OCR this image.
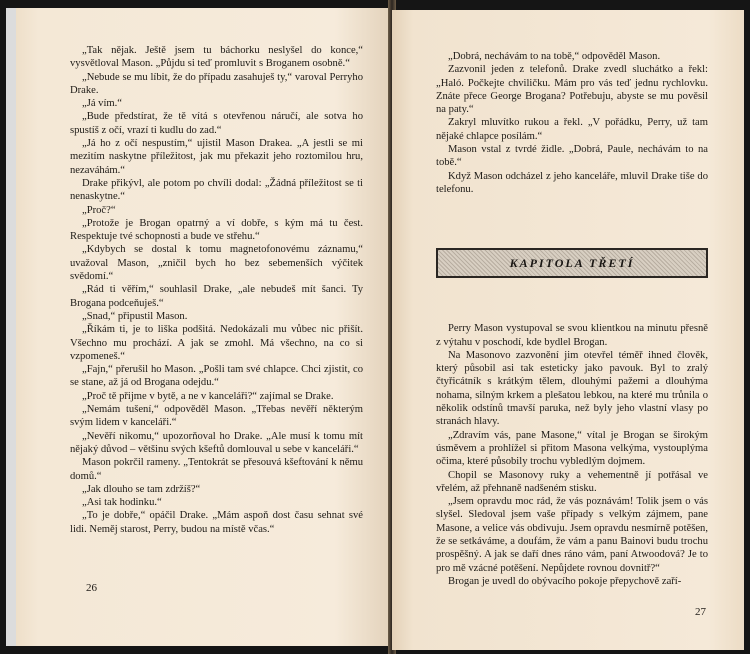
„Tak nějak. Ještě jsem tu báchorku neslyšel do konce,“ vysvětloval Mason. „Půjdu si teď promluvit s Broganem osobně.“

„Nebude se mu líbit, že do případu zasahuješ ty,“ varoval Perryho Drake.

„Já vím.“

„Bude předstírat, že tě vítá s otevřenou náručí, ale sotva ho spustíš z očí, vrazí ti kudlu do zad.“

„Já ho z očí nespustím,“ ujistil Mason Drakea. „A jestli se mi mezitím naskytne příležitost, jak mu překazit jeho roztomilou hru, nezaváhám.“

Drake přikývl, ale potom po chvíli dodal: „Žádná příležitost se ti nenaskytne.“

„Proč?“

„Protože je Brogan opatrný a ví dobře, s kým má tu čest. Respektuje tvé schopnosti a bude ve střehu.“

„Kdybych se dostal k tomu magnetofonovému záznamu,“ uvažoval Mason, „zničil bych ho bez sebemenších výčitek svědomí.“

„Rád ti věřím,“ souhlasil Drake, „ale nebudeš mít šanci. Ty Brogana podceňuješ.“

„Snad,“ připustil Mason.

„Říkám ti, je to liška podšitá. Nedokázali mu vůbec nic přišít. Všechno mu prochází. A jak se zmohl. Má všechno, na co si vzpomeneš.“

„Fajn,“ přerušil ho Mason. „Pošli tam své chlapce. Chci zjistit, co se stane, až já od Brogana odejdu.“

„Proč tě přijme v bytě, a ne v kanceláři?“ zajímal se Drake.

„Nemám tušení,“ odpověděl Mason. „Třebas nevěří některým svým lidem v kanceláři.“

„Nevěří nikomu,“ upozorňoval ho Drake. „Ale musí k tomu mít nějaký důvod – většinu svých kšeftů domlouval u sebe v kanceláři.“

Mason pokrčil rameny. „Tentokrát se přesouvá kšeftování k němu domů.“

„Jak dlouho se tam zdržíš?“

„Asi tak hodinku.“

„To je dobře,“ opáčil Drake. „Mám aspoň dost času sehnat své lidi. Neměj starost, Perry, budou na místě včas.“

26

„Dobrá, nechávám to na tobě,“ odpověděl Mason.

Zazvonil jeden z telefonů. Drake zvedl sluchátko a řekl: „Haló. Počkejte chviličku. Mám pro vás teď jednu rychlovku. Znáte přece George Brogana? Potřebuju, abyste se mu pověsil na paty.“

Zakryl mluvítko rukou a řekl. „V pořádku, Perry, už tam nějaké chlapce posílám.“

Mason vstal z tvrdé židle. „Dobrá, Paule, nechávám to na tobě.“

Když Mason odcházel z jeho kanceláře, mluvil Drake tiše do telefonu.

KAPITOLA TŘETÍ

Perry Mason vystupoval se svou klientkou na minutu přesně z výtahu v poschodí, kde bydlel Brogan.

Na Masonovo zazvonění jim otevřel téměř ihned člověk, který působil asi tak esteticky jako pavouk. Byl to zralý čtyřicátník s krátkým tělem, dlouhými pažemi a dlouhýma nohama, silným krkem a plešatou lebkou, na které mu trůnila o několik odstínů tmavší paruka, než byly jeho vlastní vlasy po stranách hlavy.

„Zdravím vás, pane Masone,“ vítal je Brogan se širokým úsměvem a prohlížel si přitom Masona velkýma, vystouplýma očima, které působily trochu vybledlým dojmem.

Chopil se Masonovy ruky a vehementně jí potřásal ve vřelém, až přehnaně nadšeném stisku.

„Jsem opravdu moc rád, že vás poznávám! Tolik jsem o vás slyšel. Sledoval jsem vaše případy s velkým zájmem, pane Masone, a velice vás obdivuju. Jsem opravdu nesmírně potěšen, že se setkáváme, a doufám, že vám a panu Bainovi budu trochu prospěšný. A jak se daří dnes ráno vám, paní Atwoodová? Je to pro mě vzácné potěšení. Nepůjdete rovnou dovnitř?“

Brogan je uvedl do obývacího pokoje přepychově zaří-

27
